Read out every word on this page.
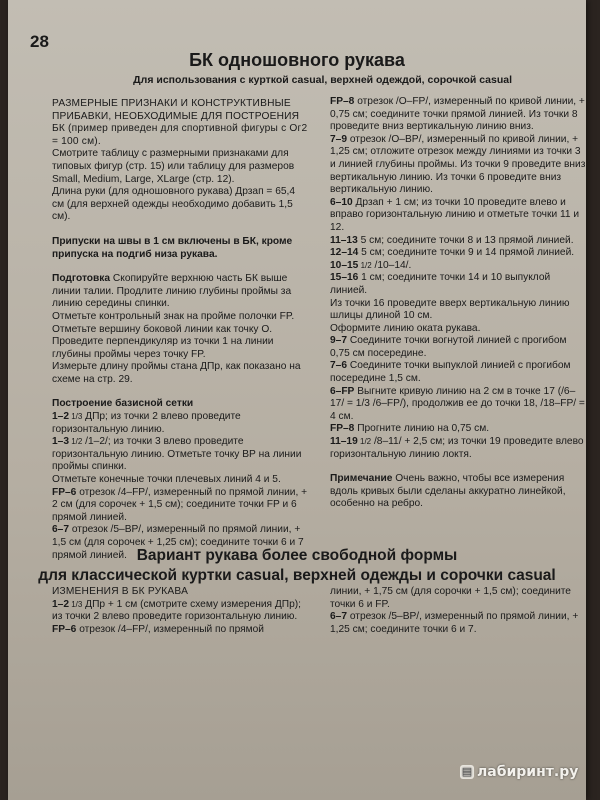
28
БК одношовного рукава
Для использования с курткой casual, верхней одеждой, сорочкой casual

РАЗМЕРНЫЕ ПРИЗНАКИ И КОНСТРУКТИВНЫЕ ПРИБАВКИ, НЕОБХОДИМЫЕ ДЛЯ ПОСТРОЕНИЯ БК (пример приведен для спортивной фигуры с Ог2 = 100 см).

Смотрите таблицу с размерными признаками для типовых фигур (стр. 15) или таблицу для размеров Small, Medium, Large, XLarge (стр. 12).

Длина руки (для одношовного рукава) Дрзап = 65,4 см (для верхней одежды необходимо добавить 1,5 см).

Припуски на швы в 1 см включены в БК, кроме припуска на подгиб низа рукава.

Подготовка Скопируйте верхнюю часть БК выше линии талии. Продлите линию глубины проймы за линию середины спинки.

Отметьте контрольный знак на пройме полочки FP.

Отметьте вершину боковой линии как точку О.

Проведите перпендикуляр из точки 1 на линии глубины проймы через точку FP.

Измерьте длину проймы стана ДПр, как показано на схеме на стр. 29.

Построение базисной сетки

1–2 1/3 ДПр; из точки 2 влево проведите горизонтальную линию.

1–3 1/2 /1–2/; из точки 3 влево проведите горизонтальную линию. Отметьте точку ВР на линии проймы спинки.

Отметьте конечные точки плечевых линий 4 и 5.

FP–6 отрезок /4–FP/, измеренный по прямой линии, + 2 см (для сорочек + 1,5 см); соедините точки FP и 6 прямой линией.

6–7 отрезок /5–ВР/, измеренный по прямой линии, + 1,5 см (для сорочек + 1,25 см); соедините точки 6 и 7 прямой линией.

FP–8 отрезок /О–FP/, измеренный по кривой линии, + 0,75 см; соедините точки прямой линией. Из точки 8 проведите вниз вертикальную линию вниз.

7–9 отрезок /О–ВР/, измеренный по кривой линии, + 1,25 см; отложите отрезок между линиями из точки 3 и линией глубины проймы. Из точки 9 проведите вниз вертикальную линию. Из точки 6 проведите вниз вертикальную линию.

6–10 Дрзап + 1 см; из точки 10 проведите влево и вправо горизонтальную линию и отметьте точки 11 и 12.

11–13 5 см; соедините точки 8 и 13 прямой линией.

12–14 5 см; соедините точки 9 и 14 прямой линией.

10–15 1/2 /10–14/.

15–16 1 см; соедините точки 14 и 10 выпуклой линией.

Из точки 16 проведите вверх вертикальную линию шлицы длиной 10 см.

Оформите линию оката рукава.

9–7 Соедините точки вогнутой линией с прогибом 0,75 см посередине.

7–6 Соедините точки выпуклой линией с прогибом посередине 1,5 см.

6–FP Выгните кривую линию на 2 см в точке 17 (/6–17/ = 1/3 /6–FP/), продолжив ее до точки 18, /18–FP/ = 4 см.

FP–8 Прогните линию на 0,75 см.

11–19 1/2 /8–11/ + 2,5 см; из точки 19 проведите влево горизонтальную линию локтя.

Примечание Очень важно, чтобы все измерения вдоль кривых были сделаны аккуратно линейкой, особенно на ребро.

Вариант рукава более свободной формы
для классической куртки casual, верхней одежды и сорочки casual

ИЗМЕНЕНИЯ В БК РУКАВА

1–2 1/3 ДПр + 1 см (смотрите схему измерения ДПр); из точки 2 влево проведите горизонтальную линию.

FP–6 отрезок /4–FP/, измеренный по прямой

линии, + 1,75 см (для сорочки + 1,5 см); соедините точки 6 и FP.

6–7 отрезок /5–ВР/, измеренный по прямой линии, + 1,25 см; соедините точки 6 и 7.

▤ лабиринт.ру
